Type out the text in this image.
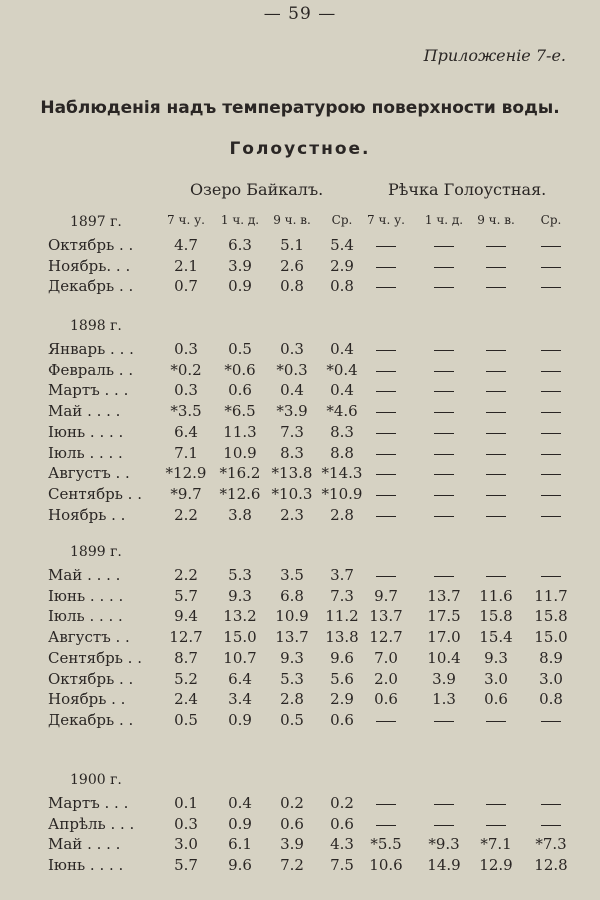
— 59 —
Приложеніе 7-е.
Наблюденія надъ температурою поверхности воды.
Голоустное.
Озеро Байкалъ.	Рѣчка Голоустная.
7 ч. у. 1 ч. д. 9 ч. в. Ср. 7 ч. у. 1 ч. д. 9 ч. в. Ср.
1897 г.
Октябрь . .	4.7 6.3 5.1 5.4
Ноябрь. . .	2.1 3.9 2.6 2.9
Декабрь . .	0.7 0.9 0.8 0.8
1898 г.
Январь . . .	0.3 0.5 0.3 0.4
Февраль . . *0.2 *0.6 *0.3 *0.4
Мартъ . . .	0.3 0.6 0.4 0.4
Май . . . .	*3.5 *6.5 *3.9 *4.6
Іюнь . . . .	6.4 11.3 7.3 8.3
Іюль . . . .	7.1 10.9 8.3 8.8
Августъ . . *12.9 *16.2 *13.8 *14.3
Сентябрь . . *9.7 *12.6 *10.3 *10.9
Ноябрь . .	2.2 3.8 2.3 2.8
1899 г.
Май . . . .	2.2 5.3 3.5 3.7
Іюнь . . . .	5.7 9.3 6.8 7.3 9.7 13.7 11.6 11.7
Іюль . . . .	9.4 13.2 10.9 11.2 13.7 17.5 15.8 15.8
Августъ . .	12.7 15.0 13.7 13.8 12.7 17.0 15.4 15.0
Сентябрь . . 8.7 10.7 9.3 9.6 7.0 10.4 9.3 8.9
Октябрь . .	5.2 6.4 5.3 5.6 2.0 3.9 3.0 3.0
Ноябрь . .	2.4 3.4 2.8 2.9 0.6 1.3 0.6 0.8
Декабрь . .	0.5 0.9 0.5 0.6
1900 г.
Мартъ . . .	0.1 0.4 0.2 0.2
Апрѣль . . .	0.3 0.9 0.6 0.6
Май . . . .	3.0 6.1 3.9 4.3 *5.5 *9.3 *7.1 *7.3
Іюнь . . . .	5.7 9.6 7.2 7.5 10.6 14.9 12.9 12.8
